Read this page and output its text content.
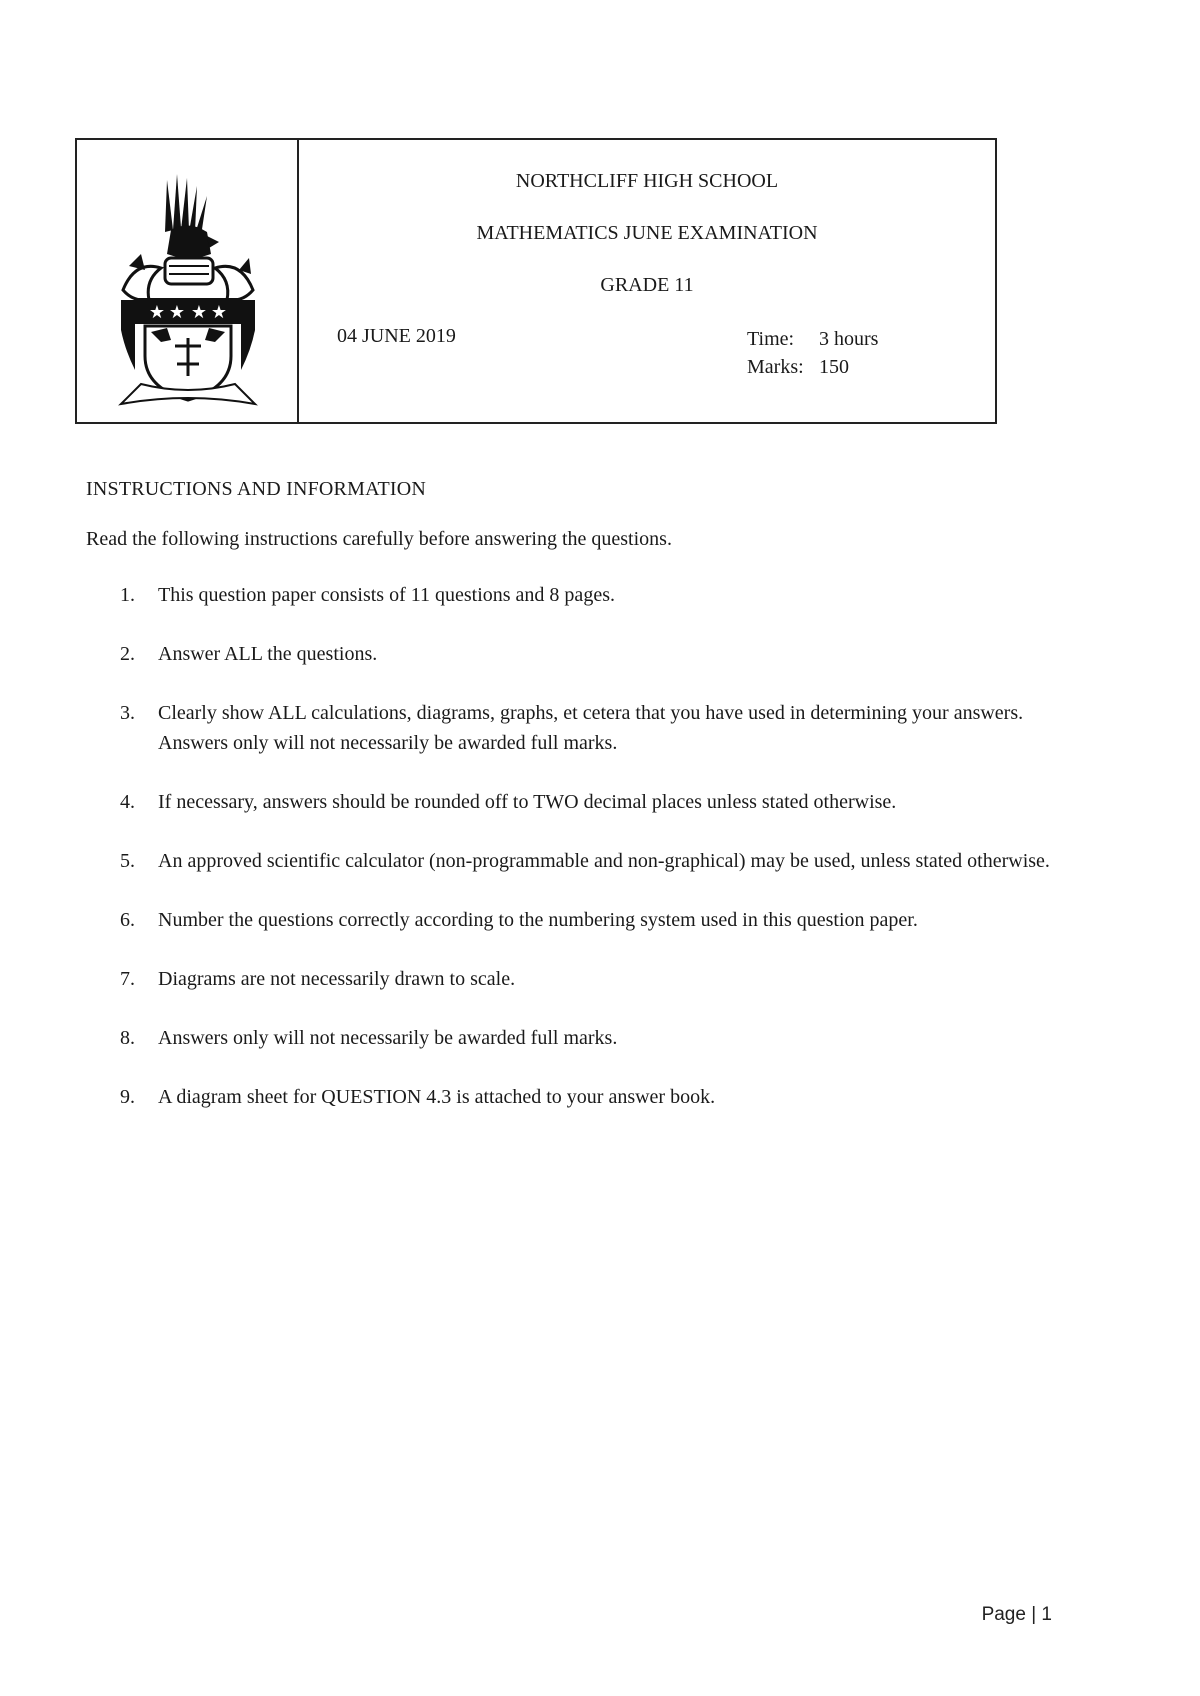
★ ★ ★ ★
NORTHCLIFF HIGH SCHOOL
MATHEMATICS JUNE EXAMINATION
GRADE 11
04 JUNE 2019	Time: 3 hours
Marks: 150
INSTRUCTIONS AND INFORMATION
Read the following instructions carefully before answering the questions.
1. This question paper consists of 11 questions and 8 pages.
2. Answer ALL the questions.
3. Clearly show ALL calculations, diagrams, graphs, et cetera that you have used in determining your answers. Answers only will not necessarily be awarded full marks.
4. If necessary, answers should be rounded off to TWO decimal places unless stated otherwise.
5. An approved scientific calculator (non-programmable and non-graphical) may be used, unless stated otherwise.
6. Number the questions correctly according to the numbering system used in this question paper.
7. Diagrams are not necessarily drawn to scale.
8. Answers only will not necessarily be awarded full marks.
9. A diagram sheet for QUESTION 4.3 is attached to your answer book.
Page | 1
